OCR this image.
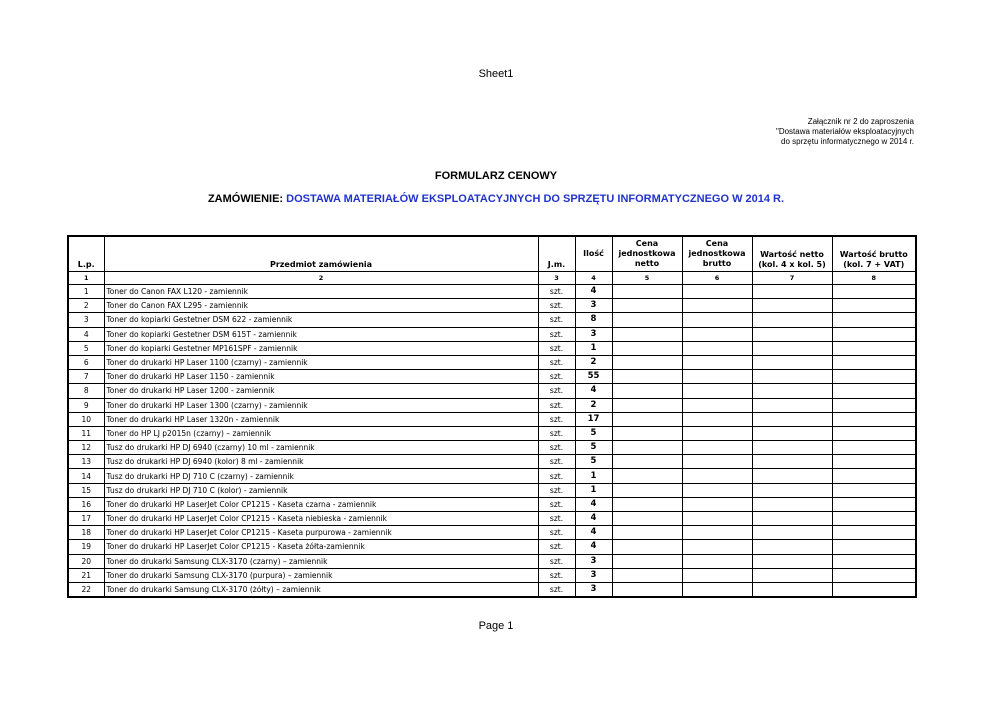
Sheet1
Załącznik nr 2 do zaproszenia
"Dostawa materiałów eksploatacyjnych
do sprzętu informatycznego w 2014 r.
FORMULARZ CENOWY
ZAMÓWIENIE: DOSTAWA MATERIAŁÓW EKSPLOATACYJNYCH DO SPRZĘTU INFORMATYCZNEGO W 2014 R.
L.p.	Przedmiot zamówienia	J.m.	Ilość	Cena jednostkowa netto	Cena jednostkowa brutto	Wartość netto (kol. 4 x kol. 5)	Wartość brutto (kol. 7 + VAT)
1	2	3	4	5	6	7	8
1	Toner do Canon FAX L120 - zamiennik	szt.	4				
2	Toner do Canon FAX L295 - zamiennik	szt.	3				
3	Toner do kopiarki Gestetner DSM 622 - zamiennik	szt.	8				
4	Toner do kopiarki Gestetner DSM 615T - zamiennik	szt.	3				
5	Toner do kopiarki Gestetner MP161SPF - zamiennik	szt.	1				
6	Toner do drukarki HP Laser 1100 (czarny) - zamiennik	szt.	2				
7	Toner do drukarki HP Laser 1150 - zamiennik	szt.	55				
8	Toner do drukarki HP Laser 1200 - zamiennik	szt.	4				
9	Toner do drukarki HP Laser 1300 (czarny) - zamiennik	szt.	2				
10	Toner do drukarki HP Laser 1320n - zamiennik	szt.	17				
11	Toner do HP LJ p2015n (czarny) – zamiennik	szt.	5				
12	Tusz do drukarki HP DJ 6940 (czarny) 10 ml - zamiennik	szt.	5				
13	Tusz do drukarki HP DJ 6940 (kolor) 8 ml - zamiennik	szt.	5				
14	Tusz do drukarki HP DJ 710 C (czarny) - zamiennik	szt.	1				
15	Tusz do drukarki HP DJ 710 C (kolor) - zamiennik	szt.	1				
16	Toner do drukarki HP LaserJet Color CP1215 - Kaseta czarna - zamiennik	szt.	4				
17	Toner do drukarki HP LaserJet Color CP1215 - Kaseta niebieska - zamiennik	szt.	4				
18	Toner do drukarki HP LaserJet Color CP1215 - Kaseta purpurowa - zamiennik	szt.	4				
19	Toner do drukarki HP LaserJet Color CP1215 - Kaseta żółta-zamiennik	szt.	4				
20	Toner do drukarki Samsung CLX-3170 (czarny) – zamiennik	szt.	3				
21	Toner do drukarki Samsung CLX-3170 (purpura) – zamiennik	szt.	3				
22	Toner do drukarki Samsung CLX-3170 (żółty) – zamiennik	szt.	3				
Page 1
